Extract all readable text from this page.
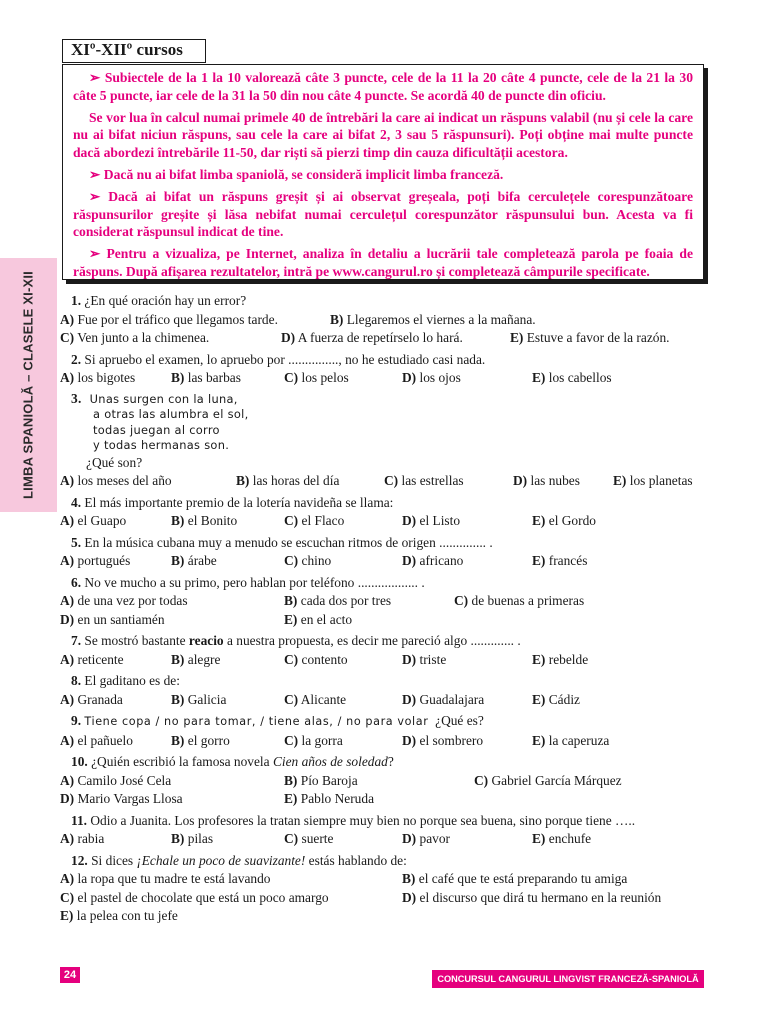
XIº-XIIº cursos

➢ Subiectele de la 1 la 10 valorează câte 3 puncte, cele de la 11 la 20 câte 4 puncte, cele de la 21 la 30 câte 5 puncte, iar cele de la 31 la 50 din nou câte 4 puncte. Se acordă 40 de puncte din oficiu.

Se vor lua în calcul numai primele 40 de întrebări la care ai indicat un răspuns valabil (nu și cele la care nu ai bifat niciun răspuns, sau cele la care ai bifat 2, 3 sau 5 răspunsuri). Poți obține mai multe puncte dacă abordezi întrebările 11-50, dar riști să pierzi timp din cauza dificultății acestora.

➢ Dacă nu ai bifat limba spaniolă, se consideră implicit limba franceză.

➢ Dacă ai bifat un răspuns greșit și ai observat greșeala, poți bifa cerculețele corespunzătoare răspunsurilor greșite și lăsa nebifat numai cerculețul corespunzător răspunsului bun. Acesta va fi considerat răspunsul indicat de tine.

➢ Pentru a vizualiza, pe Internet, analiza în detaliu a lucrării tale completează parola pe foaia de răspuns. După afișarea rezultatelor, intră pe www.cangurul.ro și completează câmpurile specificate.

LIMBA SPANIOLĂ – CLASELE XI-XII	1. ¿En qué oración hay un error?
A) Fue por el tráfico que llegamos tarde.	B) Llegaremos el viernes a la mañana.
C) Ven junto a la chimenea.	D) A fuerza de repetírselo lo hará.	E) Estuve a favor de la razón.
2. Si apruebo el examen, lo apruebo por ..............., no he estudiado casi nada.
A) los bigotes	B) las barbas	C) los pelos	D) los ojos	E) los cabellos
3. Unas surgen con la luna,
a otras las alumbra el sol,
todas juegan al corro
y todas hermanas son.
¿Qué son?
A) los meses del año	B) las horas del día	C) las estrellas	D) las nubes E) los planetas
4. El más importante premio de la lotería navideña se llama:
A) el Guapo	B) el Bonito	C) el Flaco	D) el Listo	E) el Gordo
5. En la música cubana muy a menudo se escuchan ritmos de origen .............. .
A) portugués	B) árabe	C) chino	D) africano	E) francés
6. No ve mucho a su primo, pero hablan por teléfono .................. .
A) de una vez por todas	B) cada dos por tres	C) de buenas a primeras
D) en un santiamén	E) en el acto
7. Se mostró bastante reacio a nuestra propuesta, es decir me pareció algo ............. .
A) reticente	B) alegre	C) contento	D) triste	E) rebelde
8. El gaditano es de:
A) Granada	B) Galicia	C) Alicante	D) Guadalajara	E) Cádiz
9. Tiene copa / no para tomar, / tiene alas, / no para volar ¿Qué es?
A) el pañuelo	B) el gorro	C) la gorra	D) el sombrero	E) la caperuza
10. ¿Quién escribió la famosa novela Cien años de soledad?
A) Camilo José Cela	B) Pío Baroja	C) Gabriel García Márquez
D) Mario Vargas Llosa	E) Pablo Neruda
11. Odio a Juanita. Los profesores la tratan siempre muy bien no porque sea buena, sino porque tiene …..
A) rabia	B) pilas	C) suerte	D) pavor	E) enchufe
12. Si dices ¡Echale un poco de suavizante! estás hablando de:
A) la ropa que tu madre te está lavando	B) el café que te está preparando tu amiga
C) el pastel de chocolate que está un poco amargo	D) el discurso que dirá tu hermano en la reunión
E) la pelea con tu jefe
24	CONCURSUL CANGURUL LINGVIST FRANCEZĂ-SPANIOLĂ
